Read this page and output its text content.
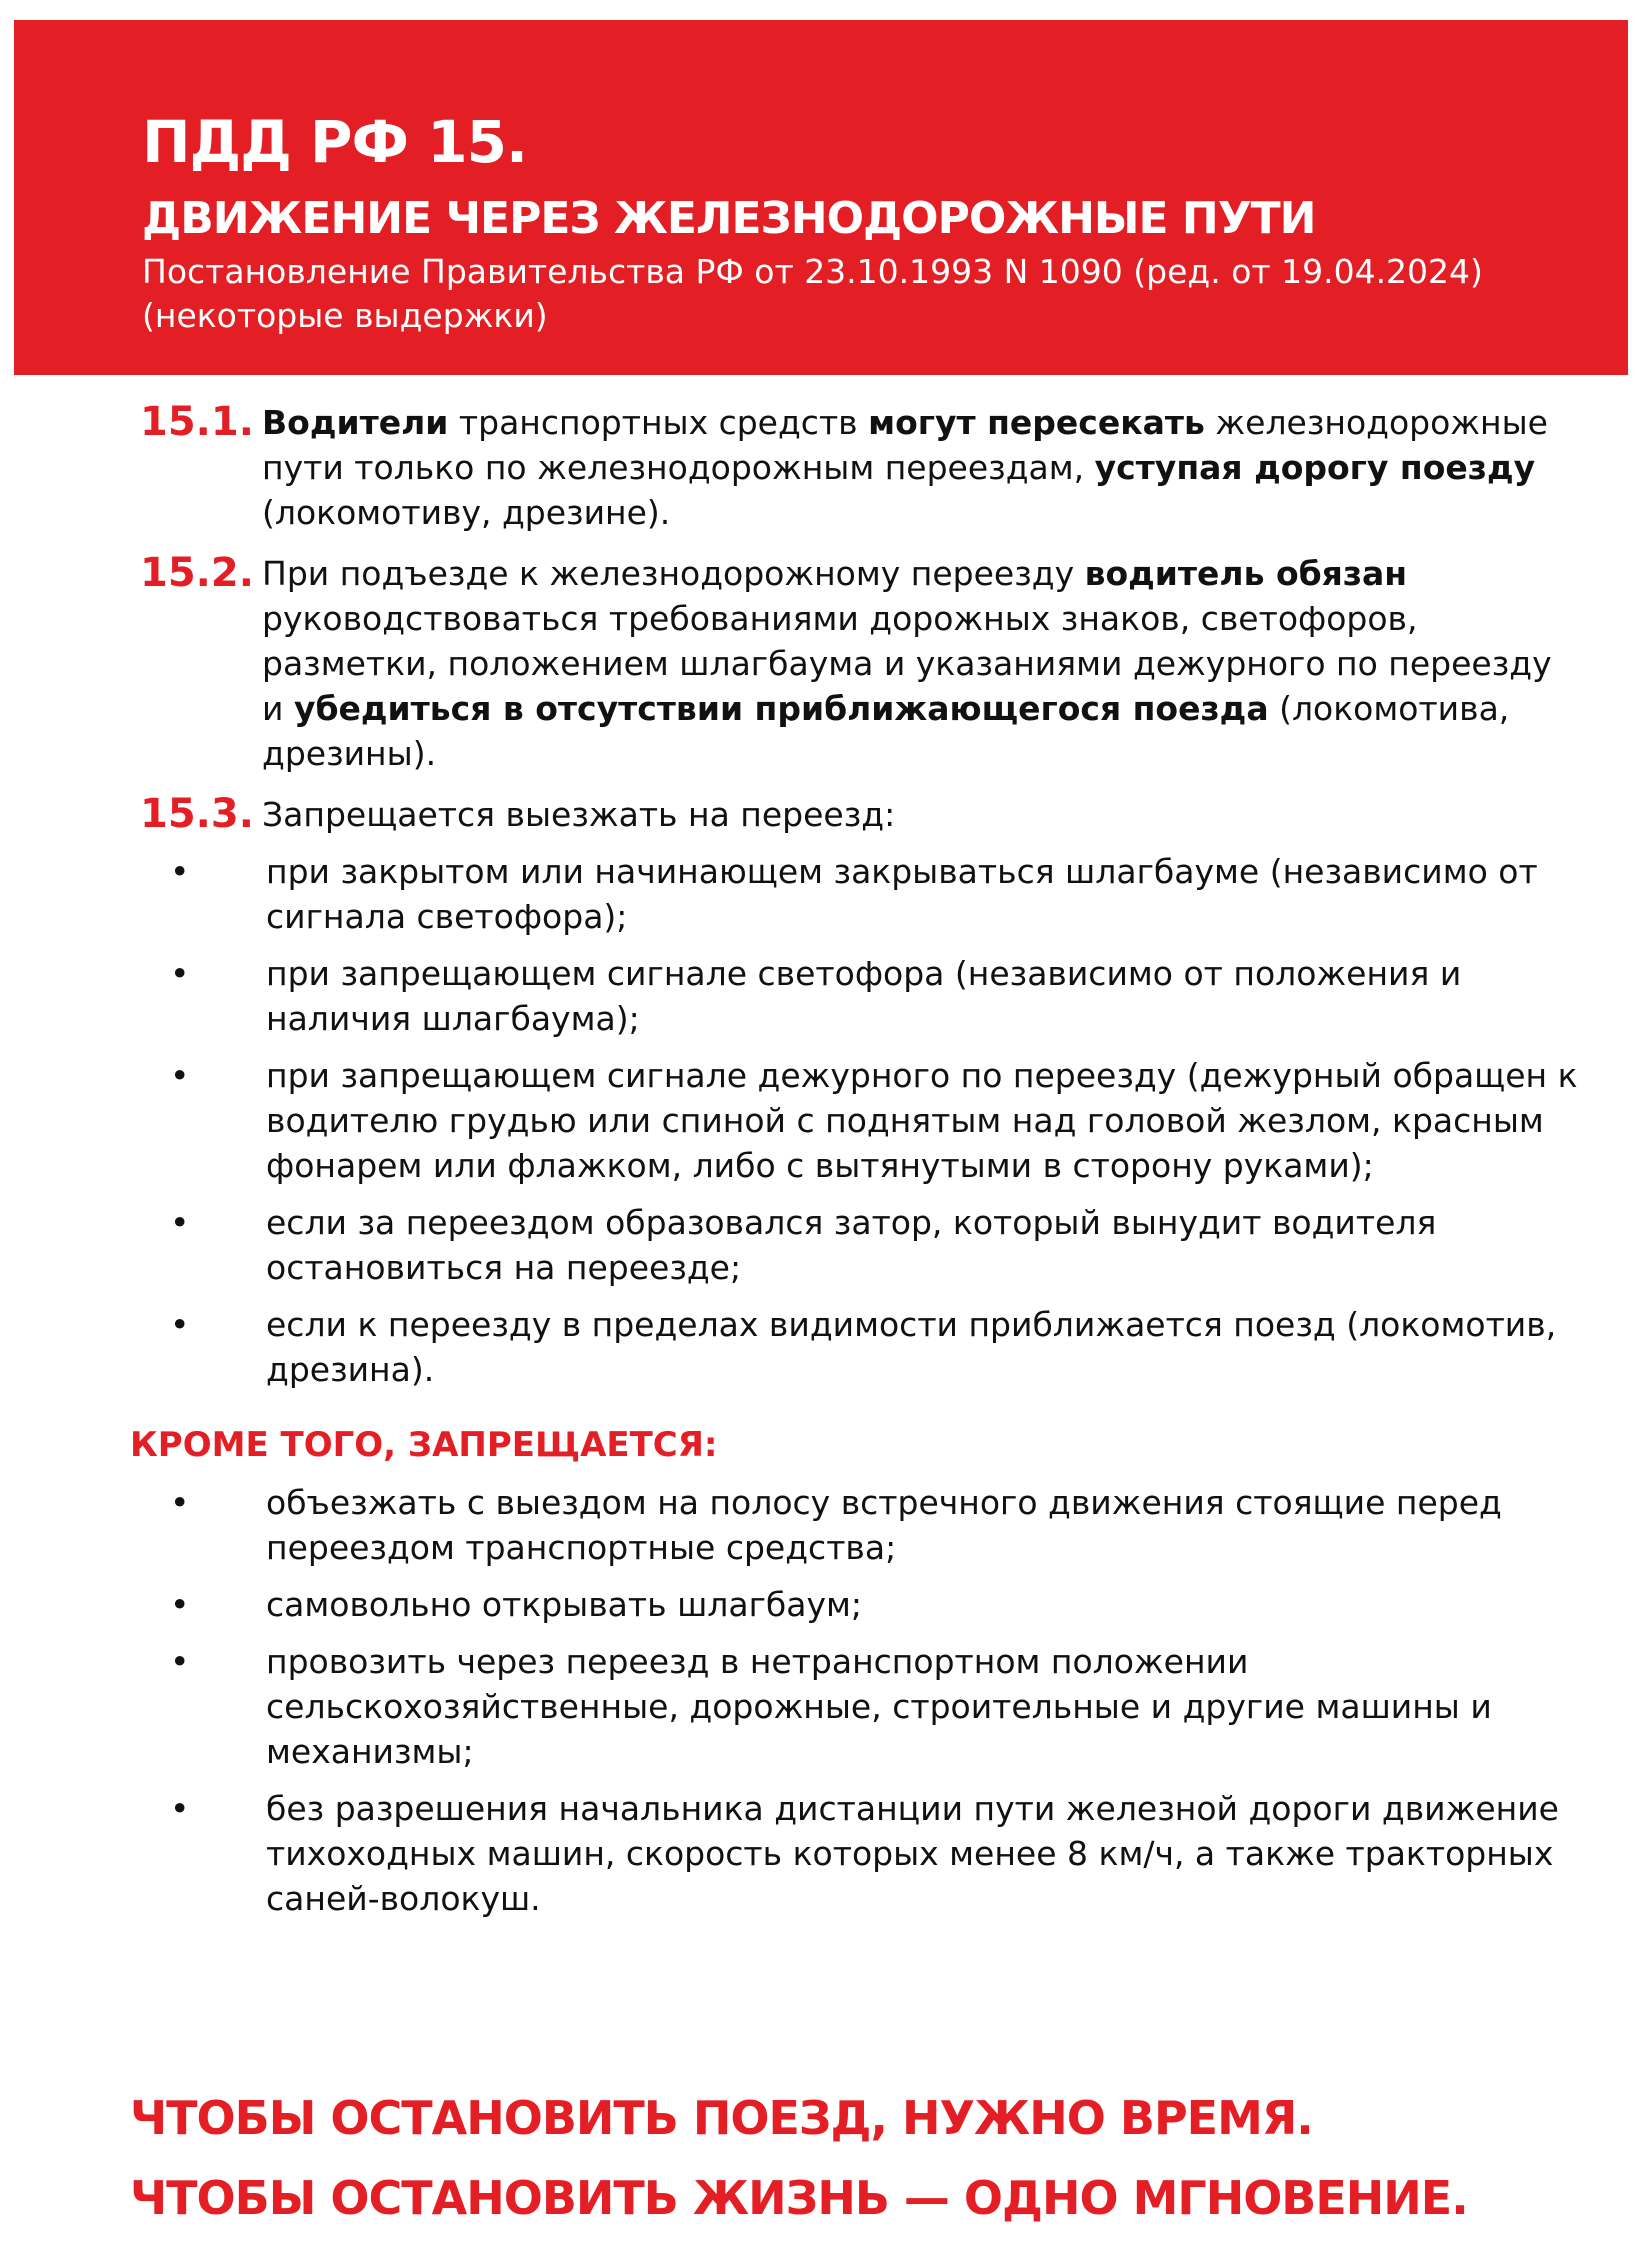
ПДД РФ 15.
ДВИЖЕНИЕ ЧЕРЕЗ ЖЕЛЕЗНОДОРОЖНЫЕ ПУТИ
Постановление Правительства РФ от 23.10.1993 N 1090 (ред. от 19.04.2024)
(некоторые выдержки)
15.1. Водители транспортных средств могут пересекать железнодорожные пути только по железнодорожным переездам, уступая дорогу поезду (локомотиву, дрезине).
15.2. При подъезде к железнодорожному переезду водитель обязан руководствоваться требованиями дорожных знаков, светофоров, разметки, положением шлагбаума и указаниями дежурного по переезду и убедиться в отсутствии приближающегося поезда (локомотива, дрезины).
15.3. Запрещается выезжать на переезд:
• при закрытом или начинающем закрываться шлагбауме (независимо от сигнала светофора);
• при запрещающем сигнале светофора (независимо от положения и наличия шлагбаума);
• при запрещающем сигнале дежурного по переезду (дежурный обращен к водителю грудью или спиной с поднятым над головой жезлом, красным фонарем или флажком, либо с вытянутыми в сторону руками);
• если за переездом образовался затор, который вынудит водителя остановиться на переезде;
• если к переезду в пределах видимости приближается поезд (локомотив, дрезина).
КРОМЕ ТОГО, ЗАПРЕЩАЕТСЯ:
• объезжать с выездом на полосу встречного движения стоящие перед переездом транспортные средства;
• самовольно открывать шлагбаум;
• провозить через переезд в нетранспортном положении сельскохозяйственные, дорожные, строительные и другие машины и механизмы;
• без разрешения начальника дистанции пути железной дороги движение тихоходных машин, скорость которых менее 8 км/ч, а также тракторных саней-волокуш.
ЧТОБЫ ОСТАНОВИТЬ ПОЕЗД, НУЖНО ВРЕМЯ.
ЧТОБЫ ОСТАНОВИТЬ ЖИЗНЬ — ОДНО МГНОВЕНИЕ.
